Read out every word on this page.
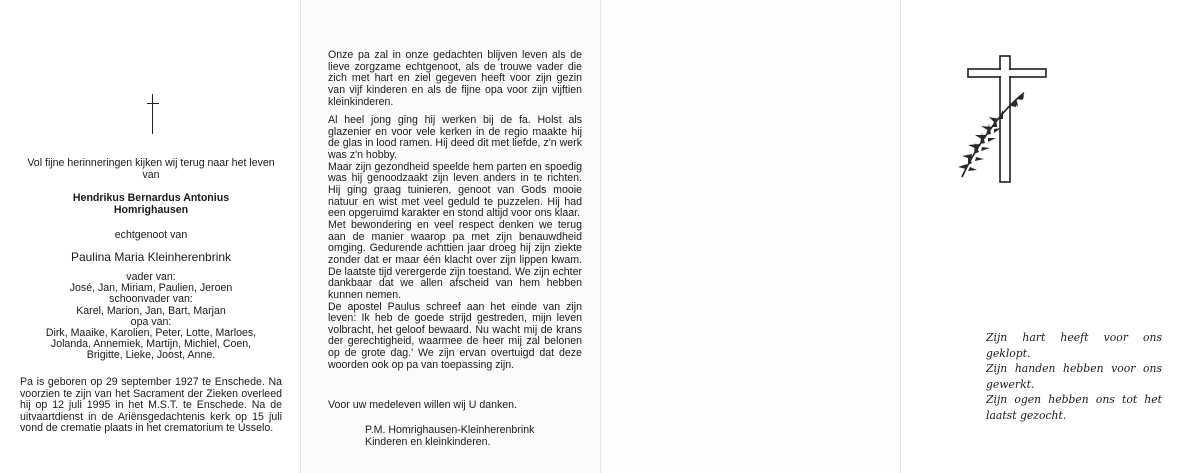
Vol fijne herinneringen kijken wij terug naar het leven van
Hendrikus Bernardus Antonius
Homrighausen
echtgenoot van
Paulina Maria Kleinherenbrink
vader van:
José, Jan, Miriam, Paulien, Jeroen
schoonvader van:
Karel, Marion, Jan, Bart, Marjan
opa van:
Dirk, Maaike, Karolien, Peter, Lotte, Marloes,
Jolanda, Annemiek, Martijn, Michiel, Coen,
Brigitte, Lieke, Joost, Anne.
Pa is geboren op 29 september 1927 te Enschede. Na voorzien te zijn van het Sacrament der Zieken overleed hij op 12 juli 1995 in het M.S.T. te Enschede. Na de uitvaartdienst in de Ariënsgedachtenis kerk op 15 juli vond de crematie plaats in het crematorium te Usselo.
Onze pa zal in onze gedachten blijven leven als de lieve zorgzame echtgenoot, als de trouwe vader die zich met hart en ziel gegeven heeft voor zijn gezin van vijf kinderen en als de fijne opa voor zijn vijftien kleinkinderen.
Al heel jong ging hij werken bij de fa. Holst als glazenier en voor vele kerken in de regio maakte hij de glas in lood ramen. Hij deed dit met liefde, z'n werk was z'n hobby.
Maar zijn gezondheid speelde hem parten en spoedig was hij genoodzaakt zijn leven anders in te richten. Hij ging graag tuinieren, genoot van Gods mooie natuur en wist met veel geduld te puzzelen. Hij had een opgeruimd karakter en stond altijd voor ons klaar.
Met bewondering en veel respect denken we terug aan de manier waarop pa met zijn benauwdheid omging. Gedurende achttien jaar droeg hij zijn ziekte zonder dat er maar één klacht over zijn lippen kwam. De laatste tijd verergerde zijn toestand. We zijn echter dankbaar dat we allen afscheid van hem hebben kunnen nemen.
De apostel Paulus schreef aan het einde van zijn leven: Ik heb de goede strijd gestreden, mijn leven volbracht, het geloof bewaard. Nu wacht mij de krans der gerechtigheid, waarmee de heer mij zal belonen op de grote dag.' We zijn ervan overtuigd dat deze woorden ook op pa van toepassing zijn.
Voor uw medeleven willen wij U danken.
P.M. Homrighausen-Kleinherenbrink
Kinderen en kleinkinderen.
Zijn hart heeft voor ons geklopt.
Zijn handen hebben voor ons gewerkt.
Zijn ogen hebben ons tot het laatst gezocht.
